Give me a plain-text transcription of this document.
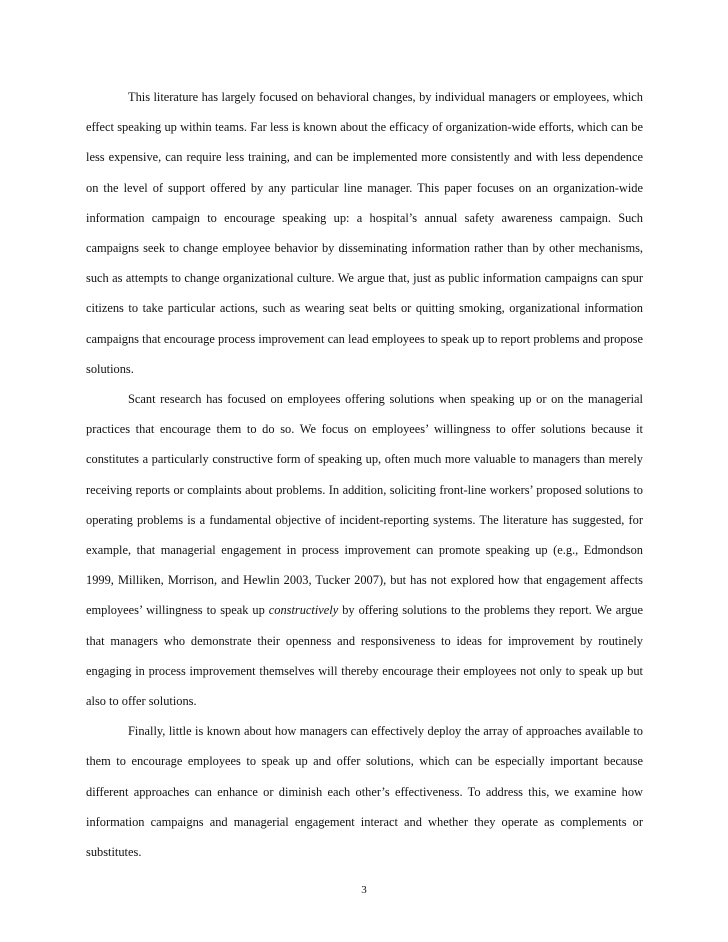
This literature has largely focused on behavioral changes, by individual managers or employees, which effect speaking up within teams. Far less is known about the efficacy of organization-wide efforts, which can be less expensive, can require less training, and can be implemented more consistently and with less dependence on the level of support offered by any particular line manager. This paper focuses on an organization-wide information campaign to encourage speaking up: a hospital’s annual safety awareness campaign. Such campaigns seek to change employee behavior by disseminating information rather than by other mechanisms, such as attempts to change organizational culture. We argue that, just as public information campaigns can spur citizens to take particular actions, such as wearing seat belts or quitting smoking, organizational information campaigns that encourage process improvement can lead employees to speak up to report problems and propose solutions.

Scant research has focused on employees offering solutions when speaking up or on the managerial practices that encourage them to do so. We focus on employees’ willingness to offer solutions because it constitutes a particularly constructive form of speaking up, often much more valuable to managers than merely receiving reports or complaints about problems. In addition, soliciting front-line workers’ proposed solutions to operating problems is a fundamental objective of incident-reporting systems. The literature has suggested, for example, that managerial engagement in process improvement can promote speaking up (e.g., Edmondson 1999, Milliken, Morrison, and Hewlin 2003, Tucker 2007), but has not explored how that engagement affects employees’ willingness to speak up constructively by offering solutions to the problems they report. We argue that managers who demonstrate their openness and responsiveness to ideas for improvement by routinely engaging in process improvement themselves will thereby encourage their employees not only to speak up but also to offer solutions.

Finally, little is known about how managers can effectively deploy the array of approaches available to them to encourage employees to speak up and offer solutions, which can be especially important because different approaches can enhance or diminish each other’s effectiveness. To address this, we examine how information campaigns and managerial engagement interact and whether they operate as complements or substitutes.

3
